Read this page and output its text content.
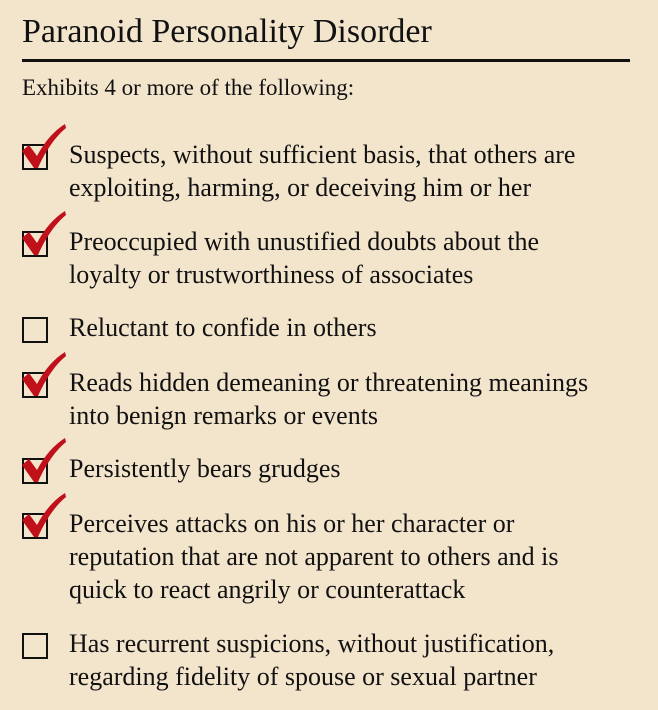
Paranoid Personality Disorder
Exhibits 4 or more of the following:
Suspects, without sufficient basis, that others are
exploiting, harming, or deceiving him or her
Preoccupied with unustified doubts about the
loyalty or trustworthiness of associates
Reluctant to confide in others
Reads hidden demeaning or threatening meanings
into benign remarks or events
Persistently bears grudges
Perceives attacks on his or her character or
reputation that are not apparent to others and is
quick to react angrily or counterattack
Has recurrent suspicions, without justification,
regarding fidelity of spouse or sexual partner
